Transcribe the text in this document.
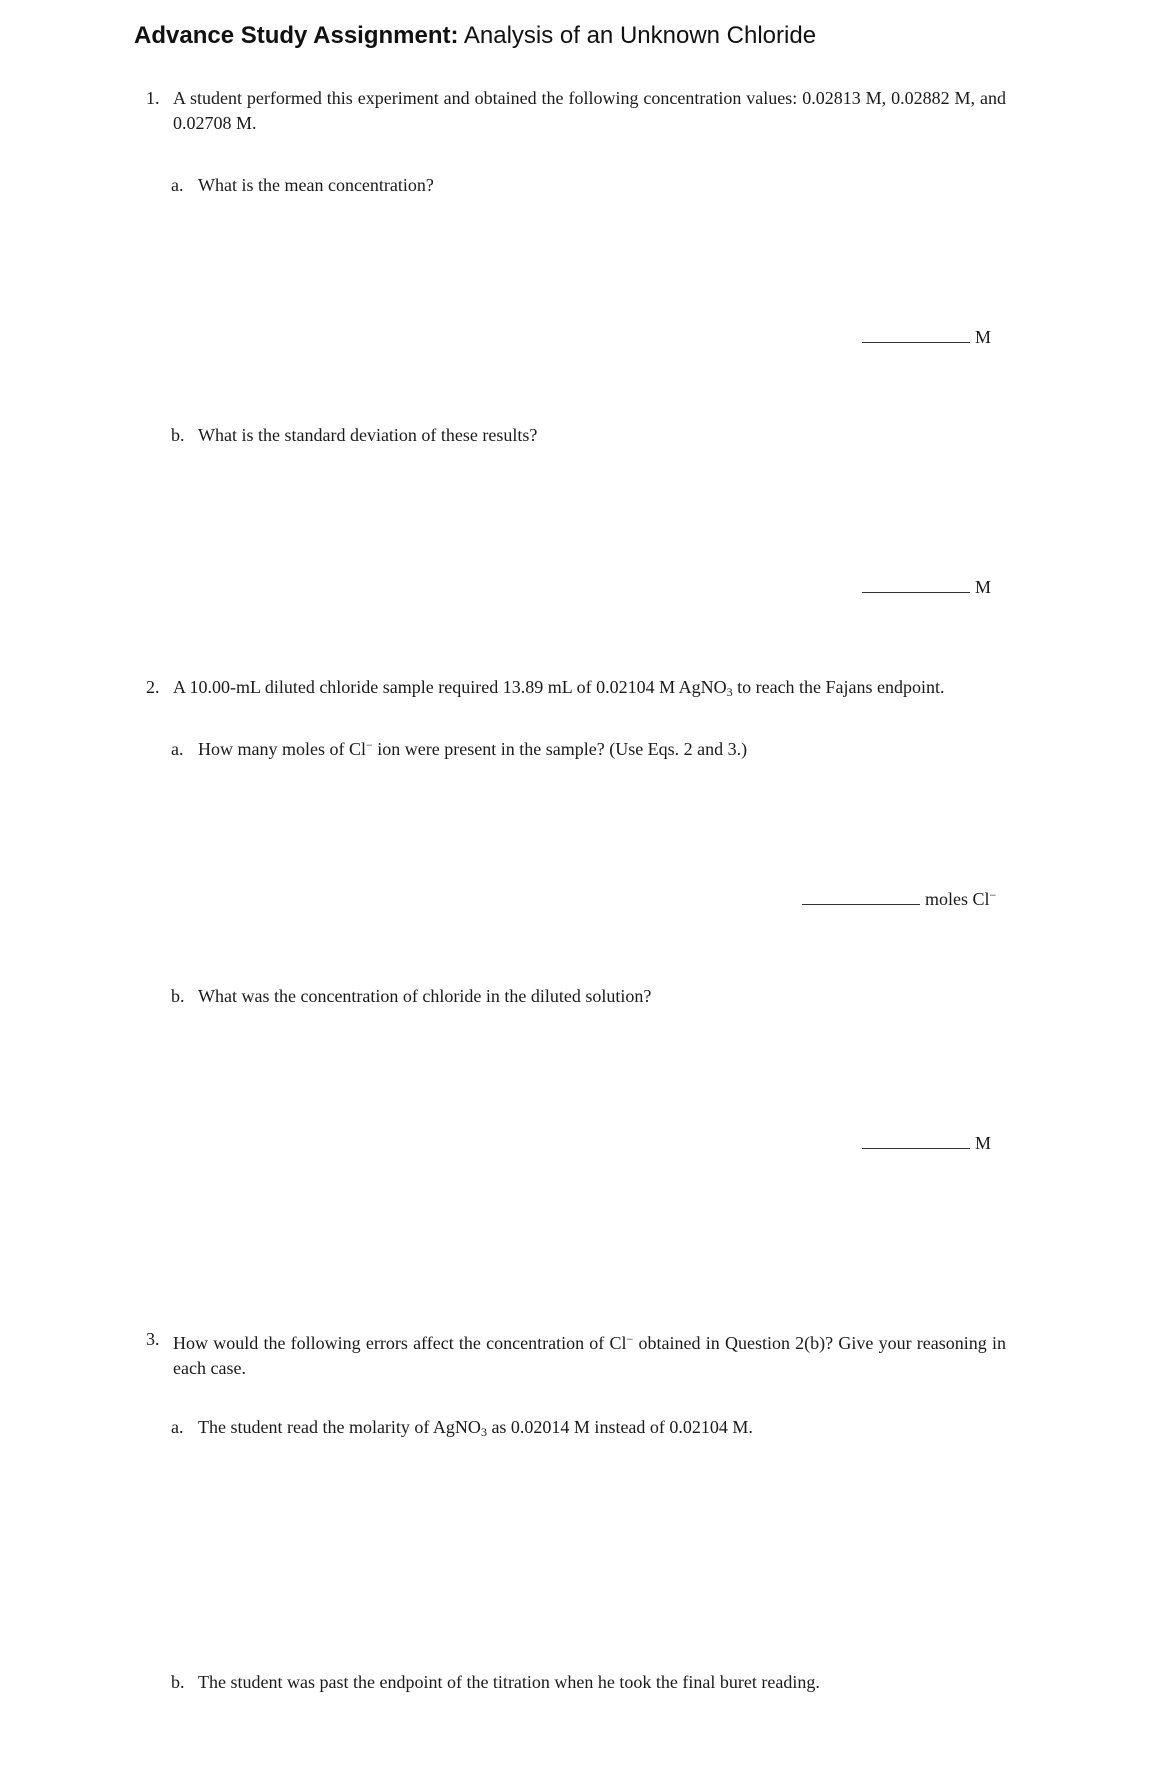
Advance Study Assignment: Analysis of an Unknown Chloride
1. A student performed this experiment and obtained the following concentration values: 0.02813 M, 0.02882 M, and 0.02708 M.
a. What is the mean concentration?
M
b. What is the standard deviation of these results?
M
2. A 10.00-mL diluted chloride sample required 13.89 mL of 0.02104 M AgNO$_3$ to reach the Fajans endpoint.
a. How many moles of Cl− ion were present in the sample? (Use Eqs. 2 and 3.)
moles Cl−
b. What was the concentration of chloride in the diluted solution?
M
3. How would the following errors affect the concentration of Cl− obtained in Question 2(b)? Give your reasoning in each case.
a. The student read the molarity of AgNO$_3$ as 0.02014 M instead of 0.02104 M.
b. The student was past the endpoint of the titration when he took the final buret reading.
